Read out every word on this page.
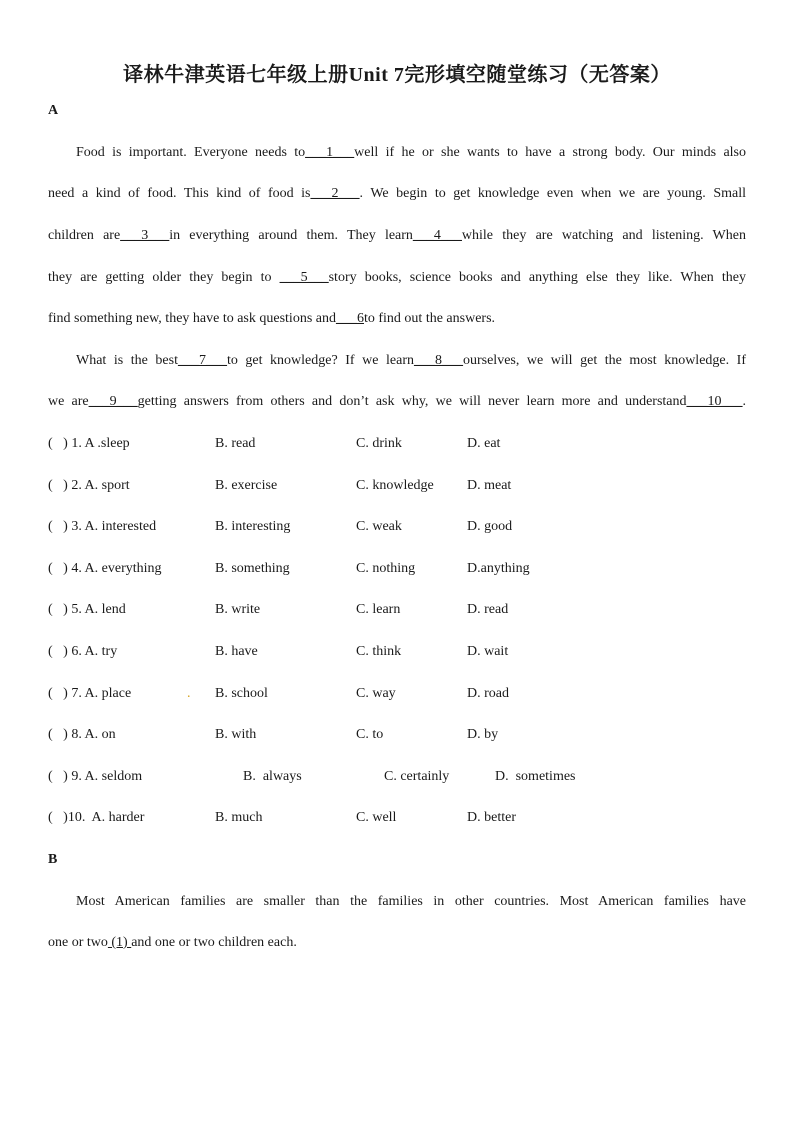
译林牛津英语七年级上册Unit 7完形填空随堂练习（无答案）
A
Food is important. Everyone needs to___1___well if he or she wants to have a strong body. Our minds also
need a kind of food. This kind of food is___2___. We begin to get knowledge even when we are young. Small
children are___3___in everything around them. They learn___4___while they are watching and listening. When
they are getting older they begin to ___5___story books, science books and anything else they like. When they
find something new, they have to ask questions and___6to find out the answers.
What is the best___7___to get knowledge? If we learn___8___ourselves, we will get the most knowledge. If
we are___9___getting answers from others and don’t ask why, we will never learn more and understand___10___.
(   ) 1. A .sleep	B. read	C. drink	D. eat
(   ) 2. A. sport	B. exercise	C. knowledge D. meat
(   ) 3. A. interested	B. interesting	C. weak	D. good
(   ) 4. A. everything	B. something	C. nothing	D.anything
(   ) 5. A. lend	B. write	C. learn	D. read
(   ) 6. A. try	B. have	C. think	D. wait
(   ) 7. A. place	B. school	C. way	D. road
.
(   ) 8. A. on	B. with	C. to	D. by
(   ) 9. A. seldom	B.  always	C. certainly	D.  sometimes
(   )10.  A. harder	B. much	C. well	D. better
B
Most American families are smaller than the families in other countries. Most American families have
one or two (1) and one or two children each.
